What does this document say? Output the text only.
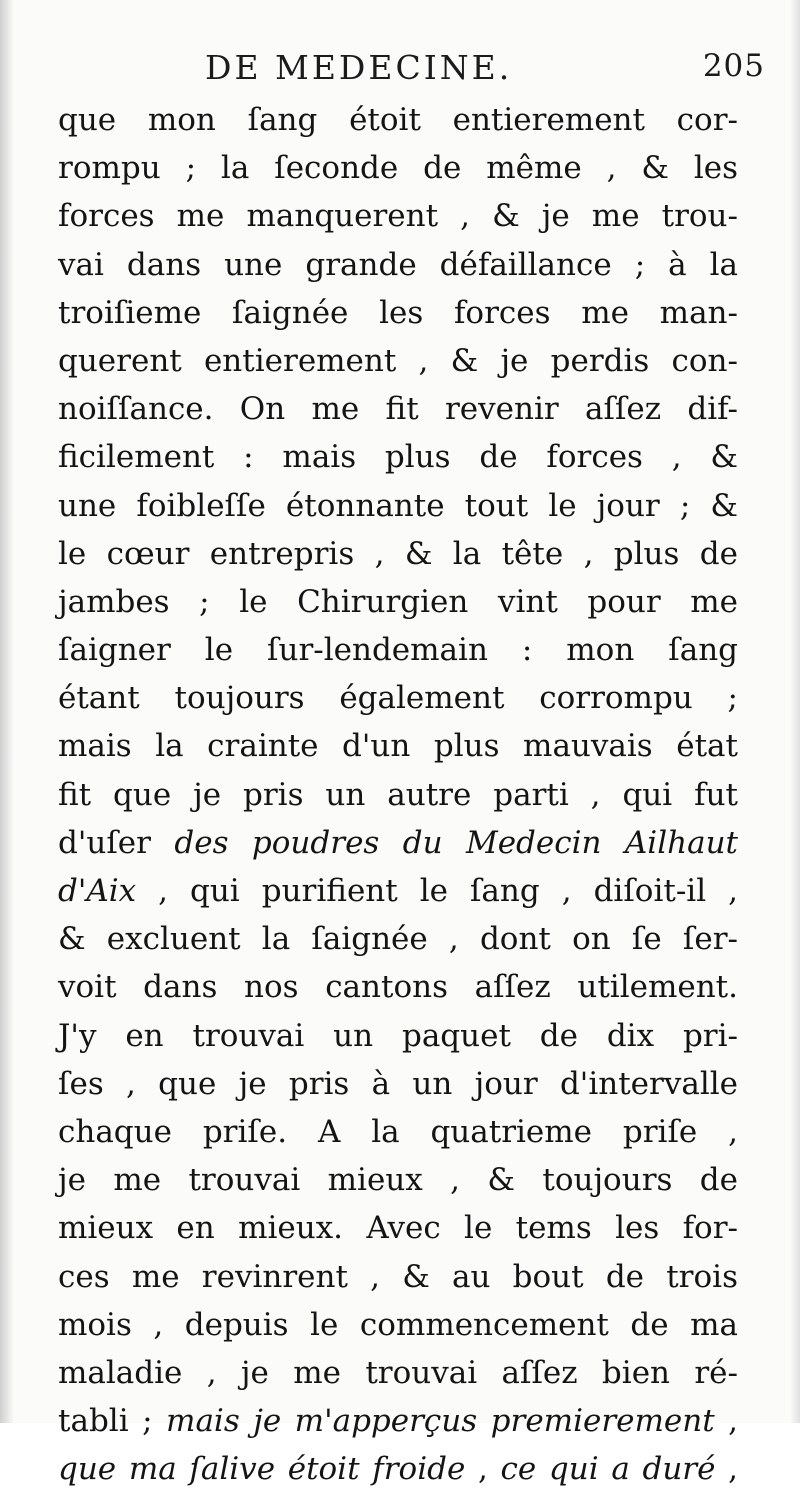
DE MEDECINE.	205
que mon ſang étoit entierement cor-
rompu ; la ſeconde de même , & les
forces me manquerent , & je me trou-
vai dans une grande défaillance ; à la
troiſieme ſaignée les forces me man-
querent entierement , & je perdis con-
noiſſance. On me fit revenir aſſez dif-
ficilement : mais plus de forces , &
une foibleſſe étonnante tout le jour ; &
le cœur entrepris , & la tête , plus de
jambes ; le Chirurgien vint pour me
ſaigner le ſur-lendemain : mon ſang
étant toujours également corrompu ;
mais la crainte d'un plus mauvais état
fit que je pris un autre parti , qui fut
d'uſer des poudres du Medecin Ailhaut
d'Aix , qui purifient le ſang , diſoit-il ,
& excluent la ſaignée , dont on ſe ſer-
voit dans nos cantons aſſez utilement.
J'y en trouvai un paquet de dix pri-
ſes , que je pris à un jour d'intervalle
chaque priſe. A la quatrieme priſe ,
je me trouvai mieux , & toujours de
mieux en mieux. Avec le tems les for-
ces me revinrent , & au bout de trois
mois , depuis le commencement de ma
maladie , je me trouvai aſſez bien ré-
tabli ; mais je m'apperçus premierement ,
que ma ſalive étoit froide , ce qui a duré ,
